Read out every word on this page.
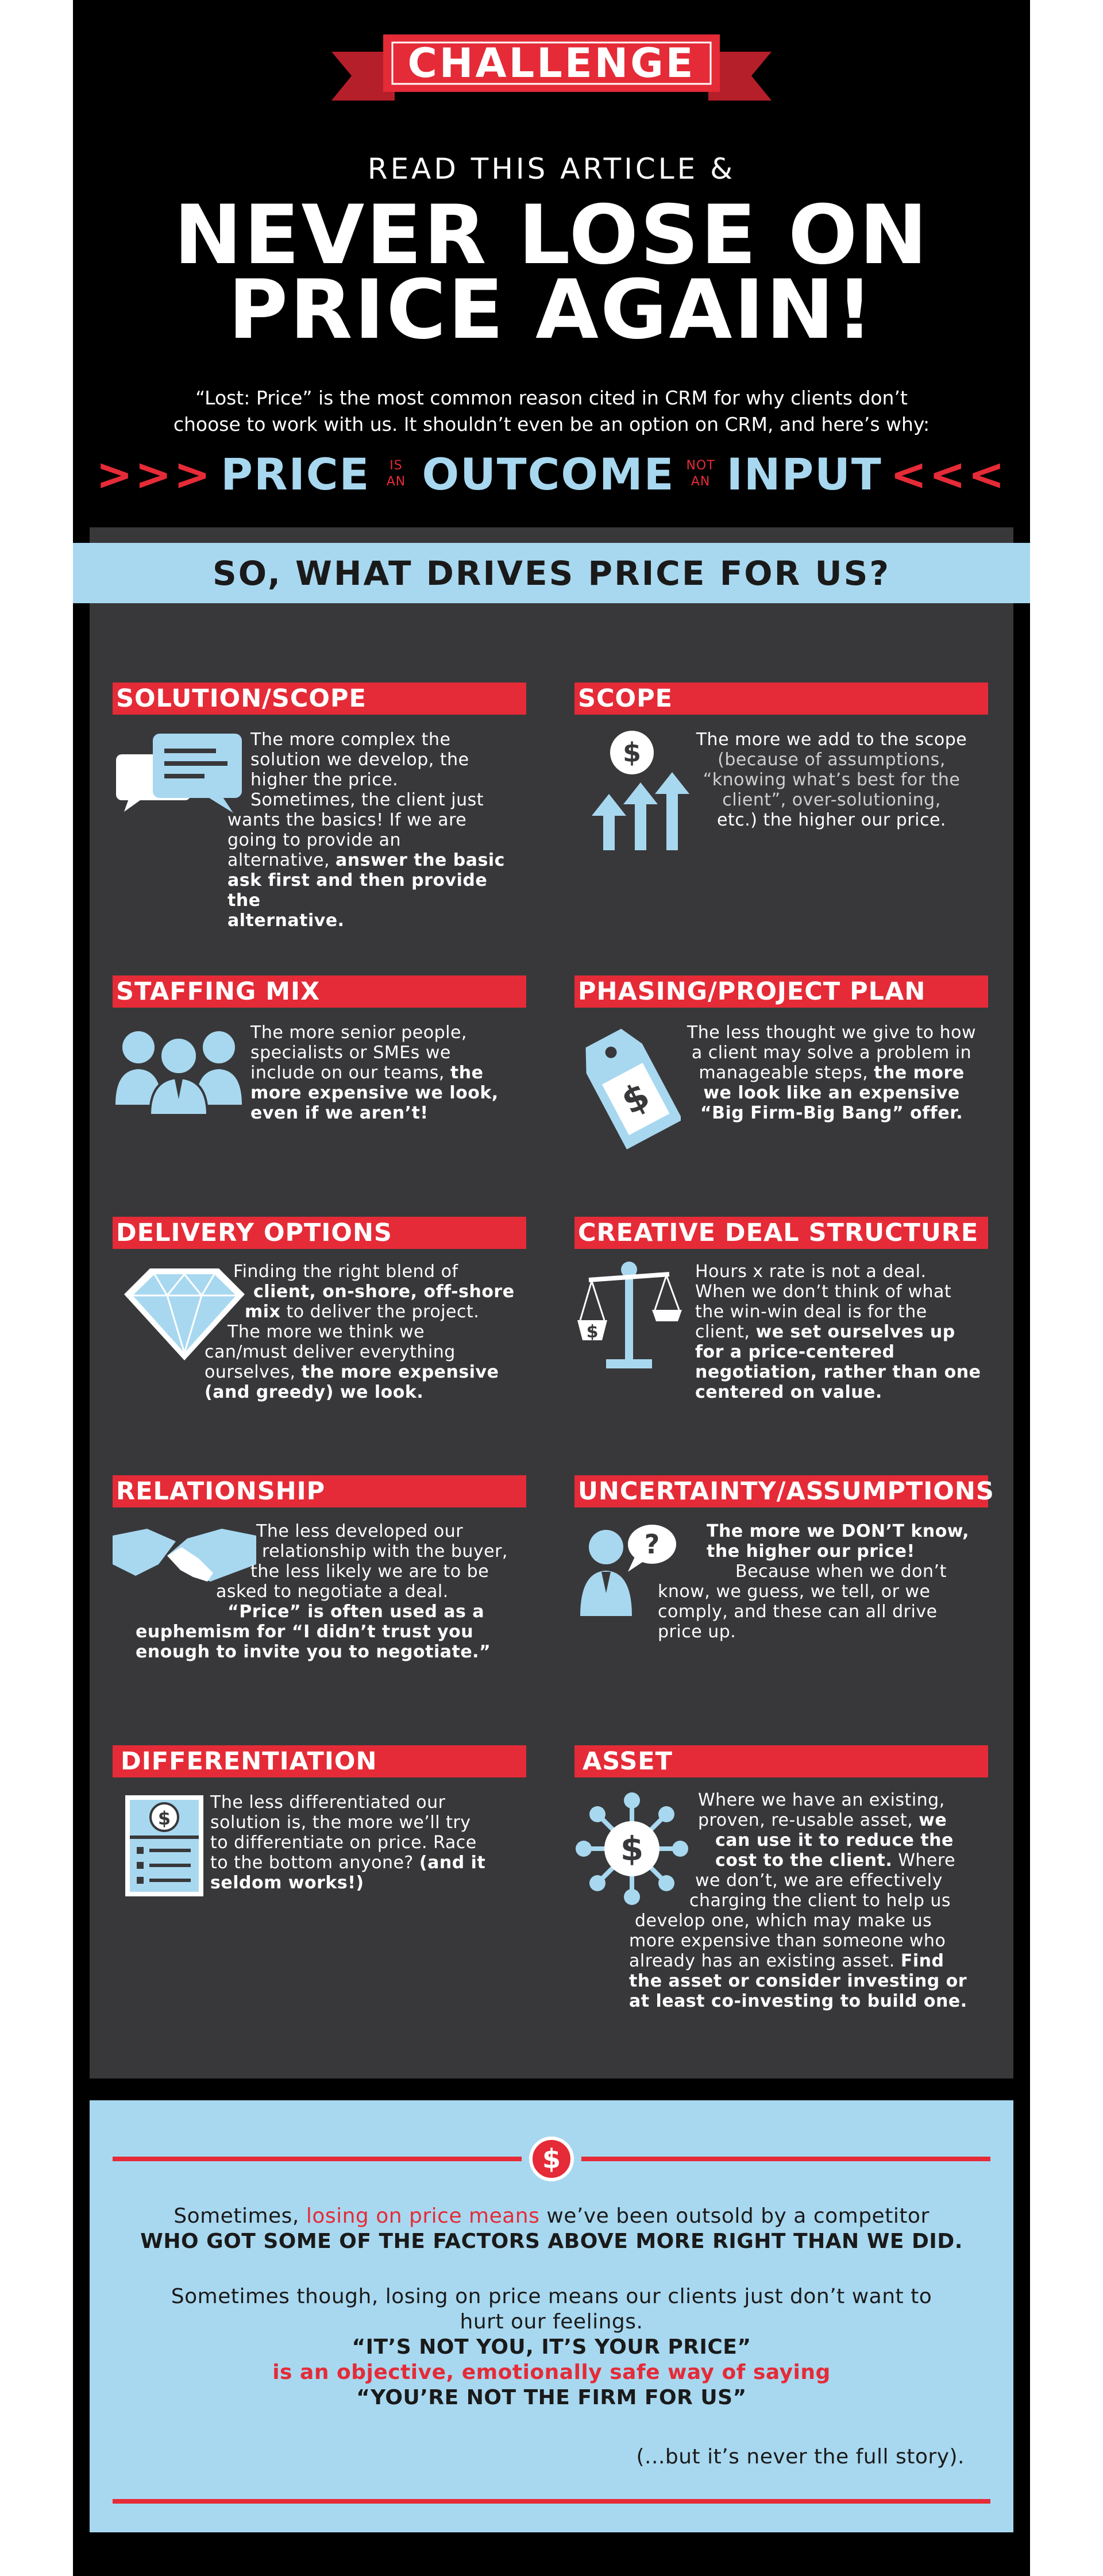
CHALLENGE
READ THIS ARTICLE &
NEVER LOSE ON
PRICE AGAIN!
“Lost: Price” is the most common reason cited in CRM for why clients don’t
choose to work with us. It shouldn’t even be an option on CRM, and here’s why:
>>> PRICE	IS
AN OUTCOME NOT
AN INPUT <<<
SOLUTION/SCOPE
The more complex the
solution we develop, the
higher the price.
Sometimes, the client just
wants the basics! If we are
going to provide an
alternative, answer the basic
ask first and then provide the
alternative.
SCOPE
$	The more we add to the scope
(because of assumptions,
“knowing what’s best for the
client”, over-solutioning,
etc.) the higher our price.
STAFFING MIX
The more senior people,
specialists or SMEs we
include on our teams, the
more expensive we look,
even if we aren’t!
PHASING/PROJECT PLAN
$
The less thought we give to how
a client may solve a problem in
manageable steps, the more
we look like an expensive
“Big Firm-Big Bang” offer.
DELIVERY OPTIONS
Finding the right blend of
client, on-shore, off-shore
mix to deliver the project.
The more we think we
can/must deliver everything
ourselves, the more expensive
(and greedy) we look.
CREATIVE DEAL STRUCTURE
$
Hours x rate is not a deal.
When we don’t think of what
the win-win deal is for the
client, we set ourselves up
for a price-centered
negotiation, rather than one
centered on value.
RELATIONSHIP
The less developed our
relationship with the buyer,
the less likely we are to be
asked to negotiate a deal.
“Price” is often used as a
euphemism for “I didn’t trust you
enough to invite you to negotiate.”
UNCERTAINTY/ASSUMPTIONS
?	The more we DON’T know,
the higher our price!
Because when we don’t
know, we guess, we tell, or we
comply, and these can all drive
price up.
DIFFERENTIATION
$
The less differentiated our
solution is, the more we’ll try
to differentiate on price. Race
to the bottom anyone? (and it
seldom works!)
ASSET
$
Where we have an existing,
proven, re-usable asset, we
can use it to reduce the
cost to the client. Where
we don’t, we are effectively
charging the client to help us
develop one, which may make us
more expensive than someone who
already has an existing asset. Find
the asset or consider investing or
at least co-investing to build one.
SO, WHAT DRIVES PRICE FOR US?
$
Sometimes, losing on price means we’ve been outsold by a competitor
WHO GOT SOME OF THE FACTORS ABOVE MORE RIGHT THAN WE DID.
Sometimes though, losing on price means our clients just don’t want to
hurt our feelings.
“IT’S NOT YOU, IT’S YOUR PRICE”
is an objective, emotionally safe way of saying
“YOU’RE NOT THE FIRM FOR US”
(...but it’s never the full story).
